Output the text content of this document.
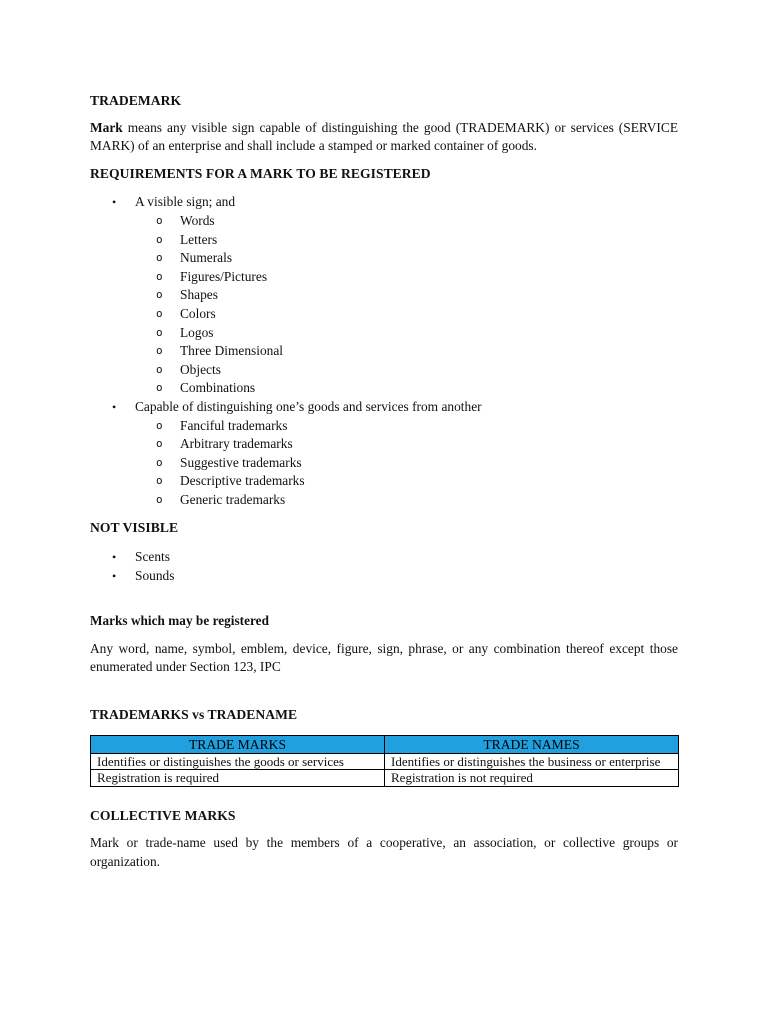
TRADEMARK

Mark means any visible sign capable of distinguishing the good (TRADEMARK) or services (SERVICE MARK) of an enterprise and shall include a stamped or marked container of goods.

REQUIREMENTS FOR A MARK TO BE REGISTERED

• A visible sign; and
o Words
o Letters
o Numerals
o Figures/Pictures
o Shapes
o Colors
o Logos
o Three Dimensional
o Objects
o Combinations
• Capable of distinguishing one’s goods and services from another
o Fanciful trademarks
o Arbitrary trademarks
o Suggestive trademarks
o Descriptive trademarks
o Generic trademarks

NOT VISIBLE

• Scents
• Sounds

Marks which may be registered

Any word, name, symbol, emblem, device, figure, sign, phrase, or any combination thereof except those enumerated under Section 123, IPC

TRADEMARKS vs TRADENAME

TRADE MARKS	TRADE NAMES
Identifies or distinguishes the goods or services	Identifies or distinguishes the business or enterprise
Registration is required	Registration is not required

COLLECTIVE MARKS

Mark or trade-name used by the members of a cooperative, an association, or collective groups or organization.
